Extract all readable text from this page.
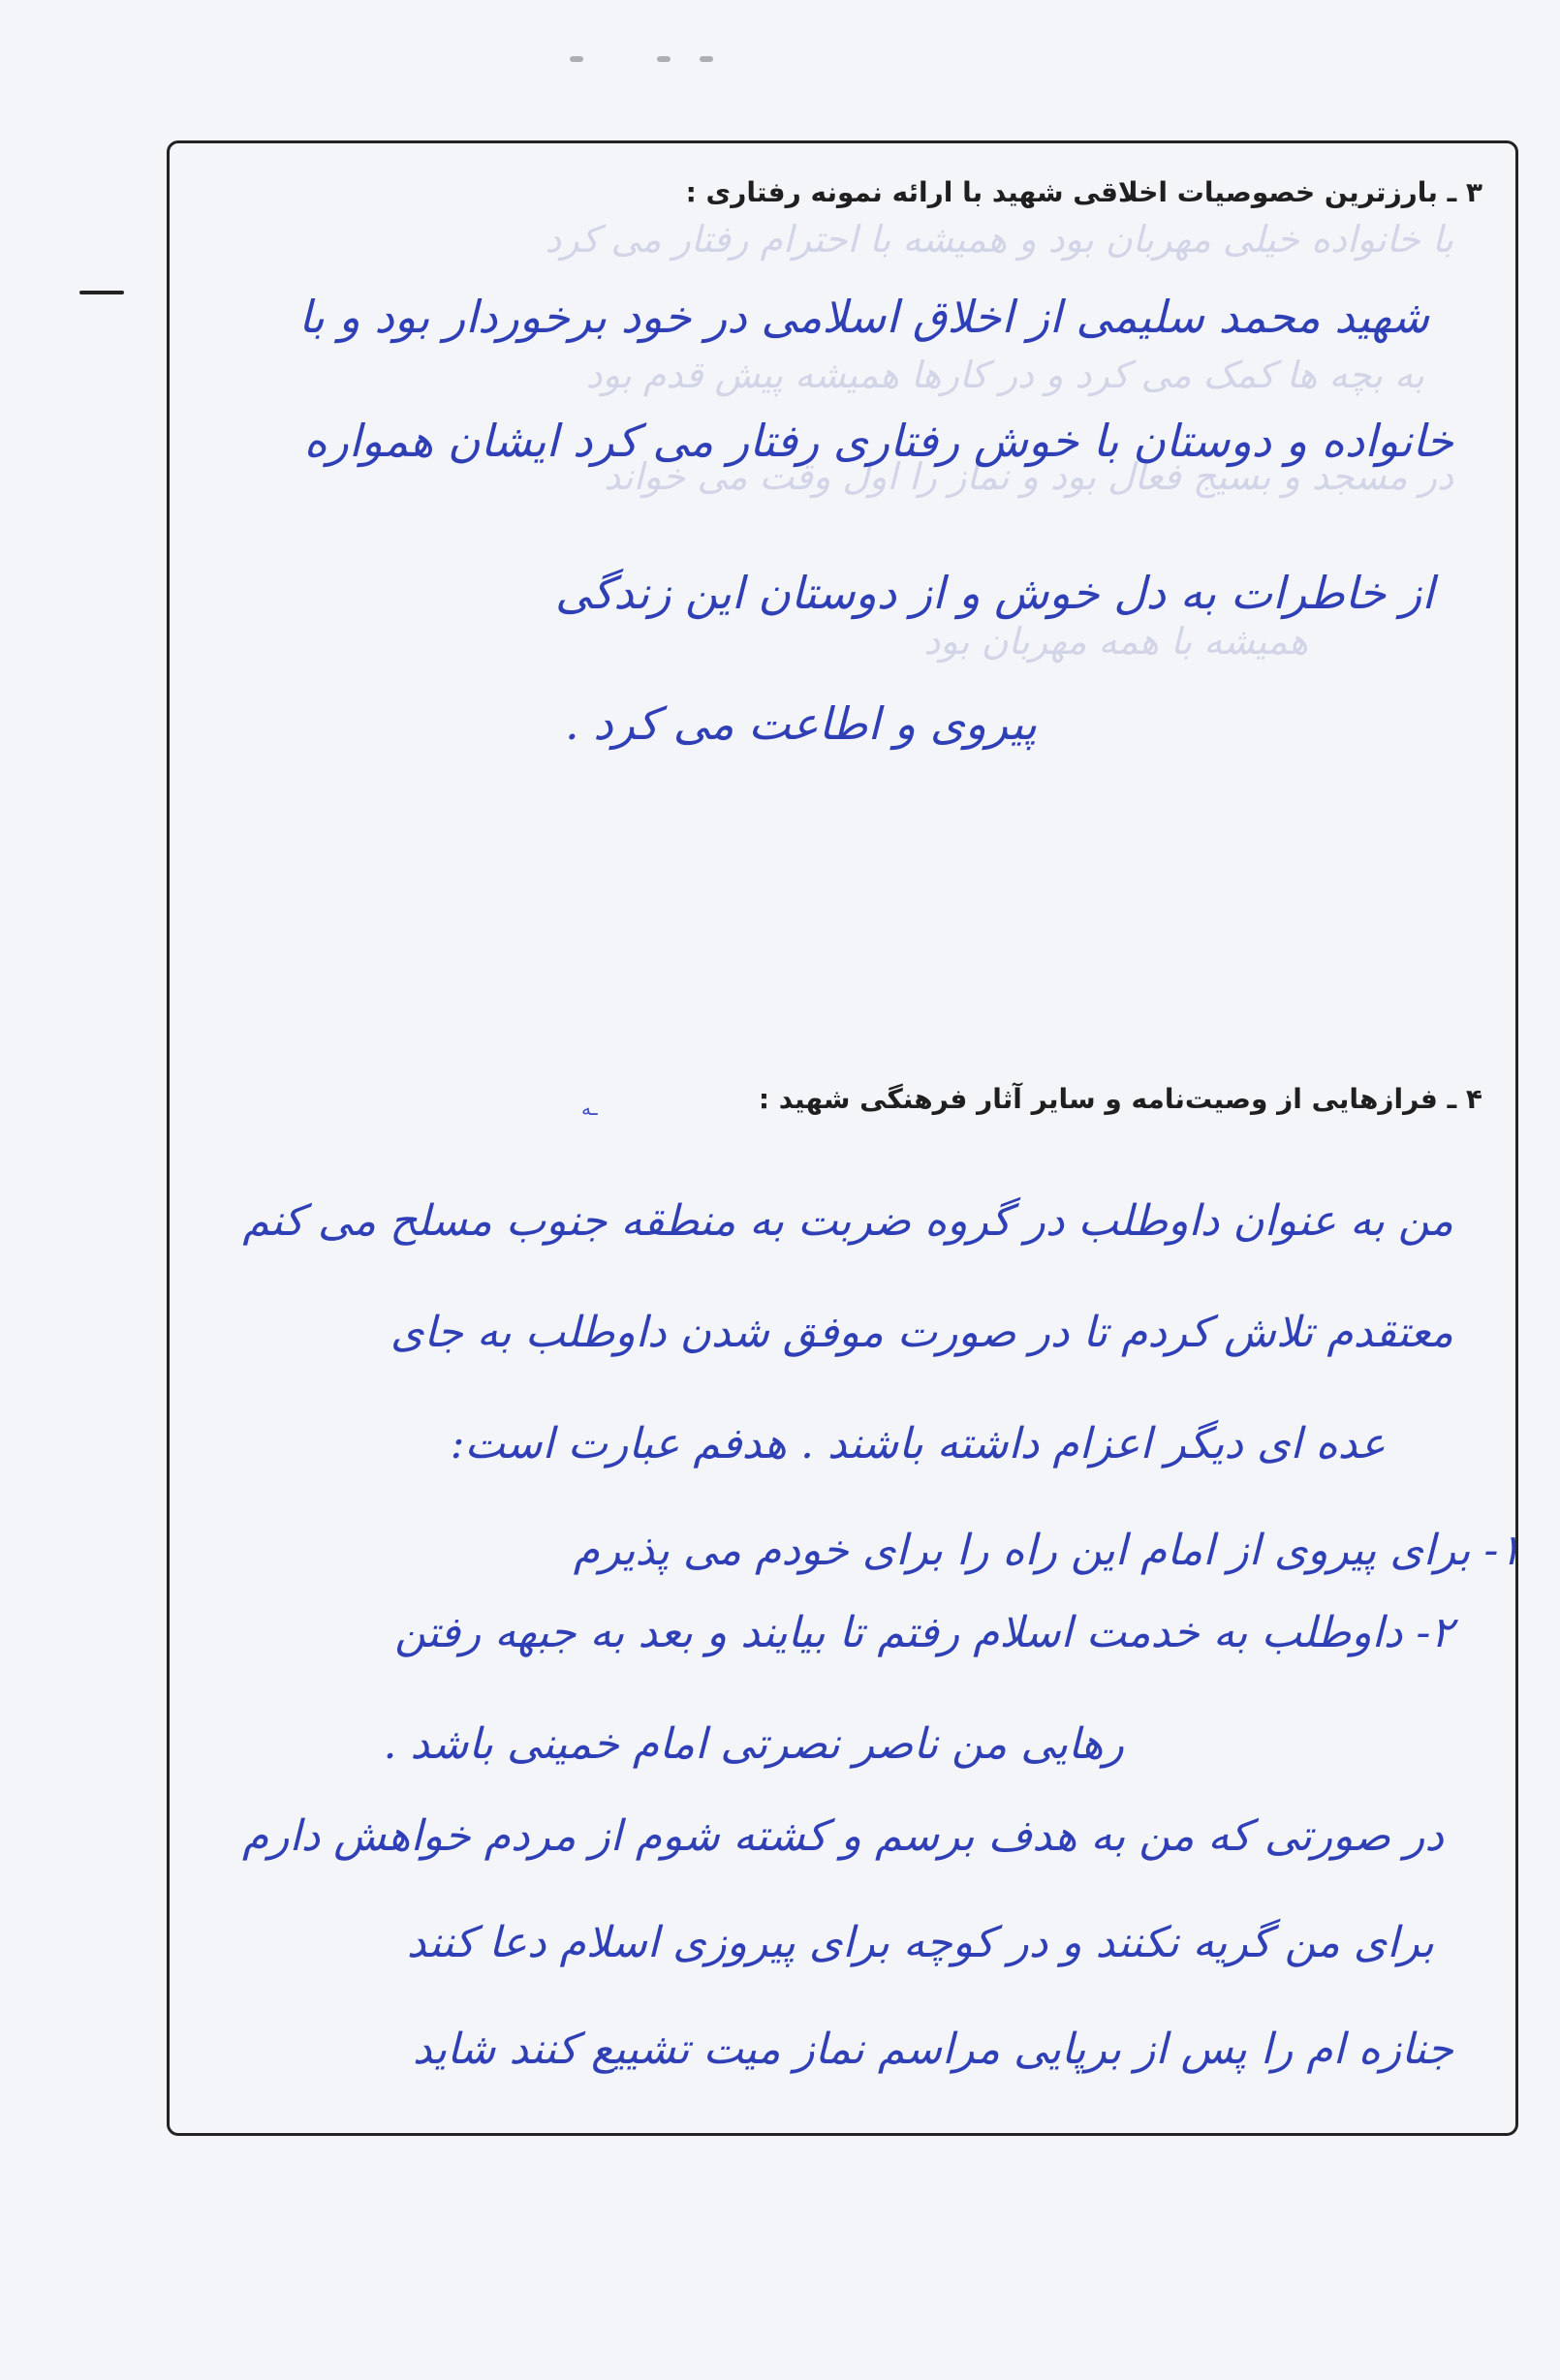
۳ ـ بارزترین خصوصیات اخلاقی شهید با ارائه نمونه رفتاری :
با خانواده خیلی مهربان بود و همیشه با احترام رفتار می کرد
به بچه ها کمک می کرد و در کارها همیشه پیش قدم بود
در مسجد و بسیج فعال بود و نماز را اول وقت می خواند
همیشه با همه مهربان بود
شهید محمد سلیمی از اخلاق اسلامی در خود برخوردار بود و با
خانواده و دوستان با خوش رفتاری رفتار می کرد ایشان همواره
از خاطرات به دل خوش و از دوستان این زندگی
پیروی و اطاعت می کرد .
۴ ـ فرازهایی از وصیت‌نامه و سایر آثار فرهنگی شهید :
ـه
من به عنوان داوطلب در گروه ضربت به منطقه جنوب مسلح می کنم
معتقدم تلاش کردم تا در صورت موفق شدن داوطلب به جای
عده ای دیگر اعزام داشته باشند . هدفم عبارت است:
۱- برای پیروی از امام این راه را برای خودم می پذیرم
۲- داوطلب به خدمت اسلام رفتم تا بیایند و بعد به جبهه رفتن
رهایی من ناصر نصرتی امام خمینی باشد .
در صورتی که من به هدف برسم و کشته شوم از مردم خواهش دارم
برای من گریه نکنند و در کوچه برای پیروزی اسلام دعا کنند
جنازه ام را پس از برپایی مراسم نماز میت تشییع کنند شاید
